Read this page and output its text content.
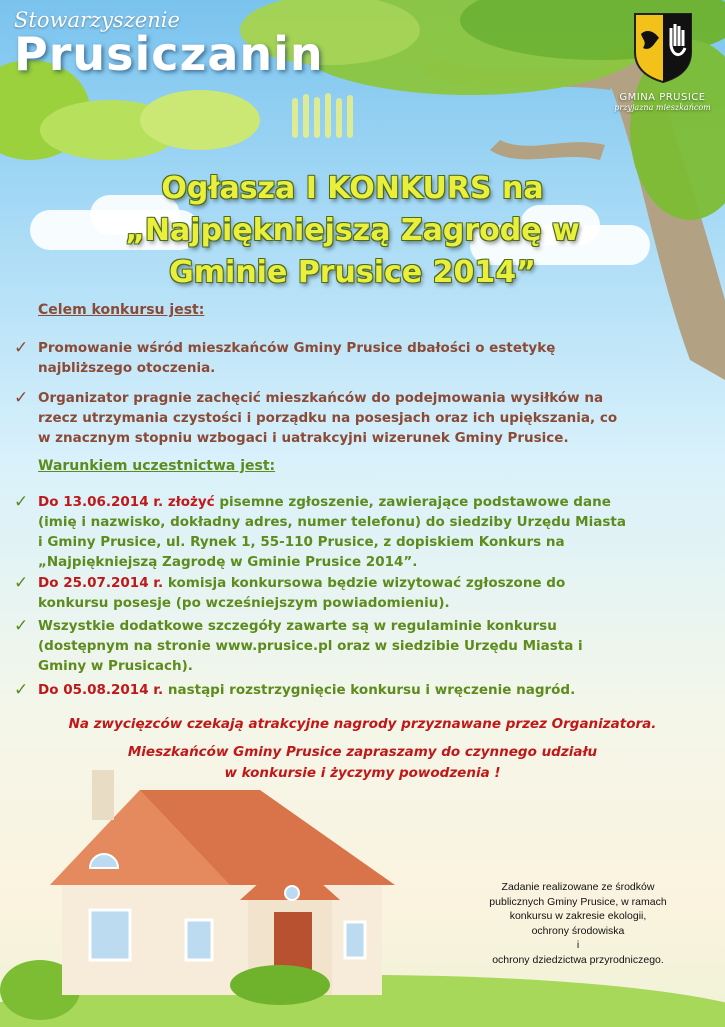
Stowarzyszenie
Prusiczanin
GMINA PRUSICE
przyjazna mieszkańcom
Ogłasza I KONKURS na
„Najpiękniejszą Zagrodę w
Gminie Prusice 2014”
Celem konkursu jest:
✓ Promowanie wśród mieszkańców Gminy Prusice dbałości o estetykę najbliższego otoczenia.
✓ Organizator pragnie zachęcić mieszkańców do podejmowania wysiłków na rzecz utrzymania czystości i porządku na posesjach oraz ich upiększania, co w znacznym stopniu wzbogaci i uatrakcyjni wizerunek Gminy Prusice.
Warunkiem uczestnictwa jest:
✓ Do 13.06.2014 r. złożyć pisemne zgłoszenie, zawierające podstawowe dane (imię i nazwisko, dokładny adres, numer telefonu) do siedziby Urzędu Miasta i Gminy Prusice, ul. Rynek 1, 55-110 Prusice, z dopiskiem Konkurs na „Najpiękniejszą Zagrodę w Gminie Prusice 2014”.
✓ Do 25.07.2014 r. komisja konkursowa będzie wizytować zgłoszone do konkursu posesje (po wcześniejszym powiadomieniu).
✓ Wszystkie dodatkowe szczegóły zawarte są w regulaminie konkursu (dostępnym na stronie www.prusice.pl oraz w siedzibie Urzędu Miasta i Gminy w Prusicach).
✓ Do 05.08.2014 r. nastąpi rozstrzygnięcie konkursu i wręczenie nagród.
Na zwycięzców czekają atrakcyjne nagrody przyznawane przez Organizatora.
Mieszkańców Gminy Prusice zapraszamy do czynnego udziału
w konkursie i życzymy powodzenia !
Zadanie realizowane ze środków
publicznych Gminy Prusice, w ramach
konkursu w zakresie ekologii,
ochrony środowiska
i
ochrony dziedzictwa przyrodniczego.
